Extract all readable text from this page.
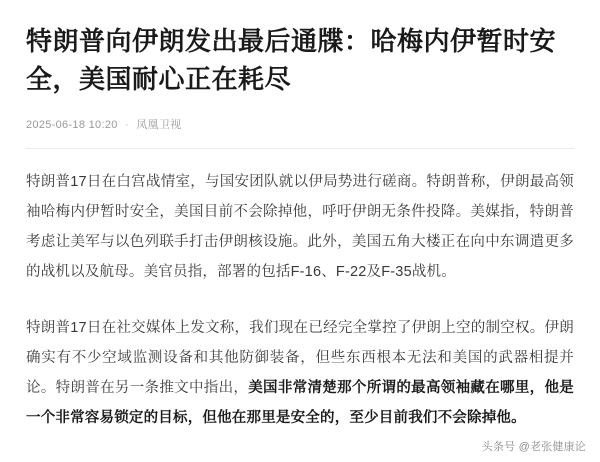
特朗普向伊朗发出最后通牒：哈梅内伊暂时安全，美国耐心正在耗尽
2025-06-18 10:20 · 凤凰卫视

特朗普17日在白宫战情室，与国安团队就以伊局势进行磋商。特朗普称，伊朗最高领袖哈梅内伊暂时安全，美国目前不会除掉他，呼吁伊朗无条件投降。美媒指，特朗普考虑让美军与以色列联手打击伊朗核设施。此外，美国五角大楼正在向中东调遣更多的战机以及航母。美官员指，部署的包括F-16、F-22及F-35战机。

特朗普17日在社交媒体上发文称，我们现在已经完全掌控了伊朗上空的制空权。伊朗确实有不少空域监测设备和其他防御装备，但些东西根本无法和美国的武器相提并论。特朗普在另一条推文中指出，美国非常清楚那个所谓的最高领袖藏在哪里，他是一个非常容易锁定的目标，但他在那里是安全的，至少目前我们不会除掉他。

头条号 @老张健康论
